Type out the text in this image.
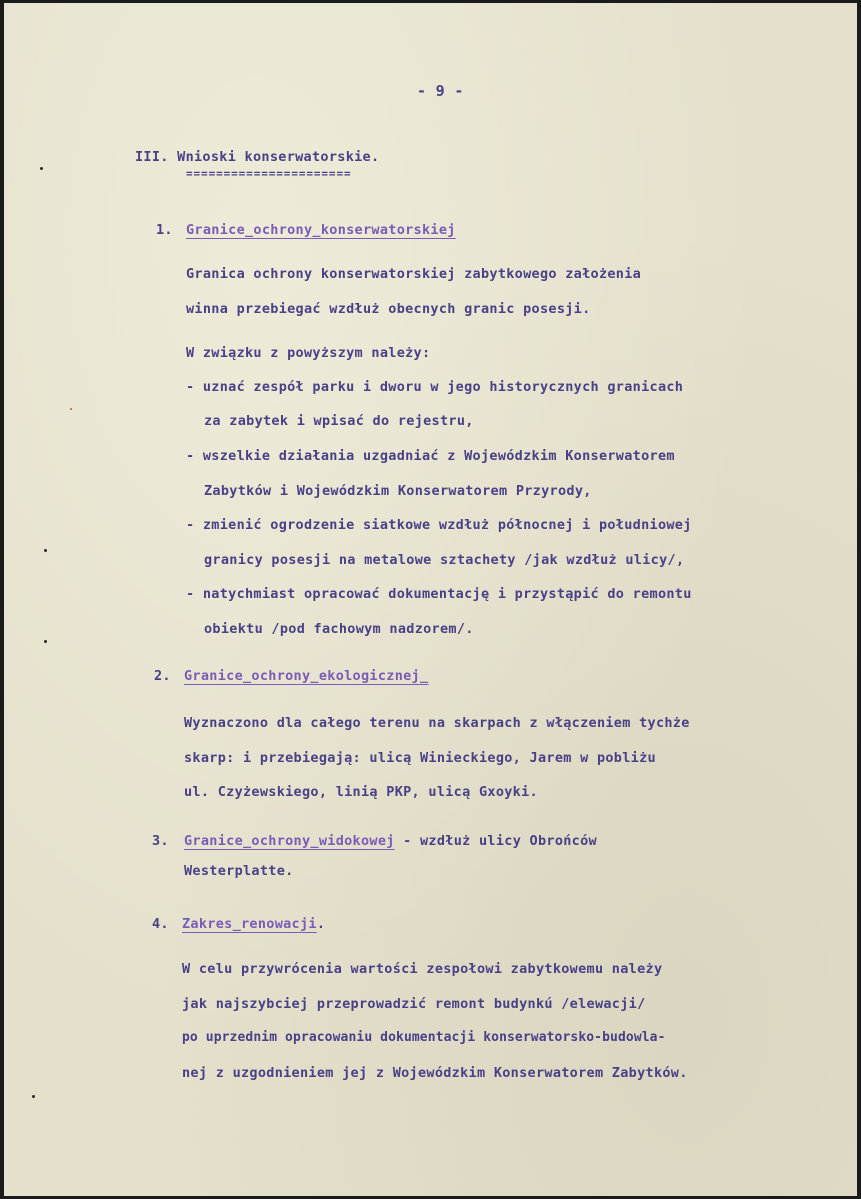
- 9 -

III. Wnioski konserwatorskie.

======================

1. Granice_ochrony_konserwatorskiej

Granica ochrony konserwatorskiej zabytkowego założenia

winna przebiegać wzdłuż obecnych granic posesji.

W związku z powyższym należy:

- uznać zespół parku i dworu w jego historycznych granicach

za zabytek i wpisać do rejestru,

- wszelkie działania uzgadniać z Wojewódzkim Konserwatorem

Zabytków i Wojewódzkim Konserwatorem Przyrody,

- zmienić ogrodzenie siatkowe wzdłuż północnej i południowej

granicy posesji na metalowe sztachety /jak wzdłuż ulicy/,

- natychmiast opracować dokumentację i przystąpić do remontu

obiektu /pod fachowym nadzorem/.

2. Granice_ochrony_ekologicznej_

Wyznaczono dla całego terenu na skarpach z włączeniem tychże

skarp: i przebiegają: ulicą Winieckiego, Jarem w pobliżu

ul. Czyżewskiego, linią PKP, ulicą Gxoyki.

3. Granice_ochrony_widokowej - wzdłuż ulicy Obrońców

Westerplatte.

4. Zakres_renowacji.

W celu przywrócenia wartości zespołowi zabytkowemu należy

jak najszybciej przeprowadzić remont budynkú /elewacji/

po uprzednim opracowaniu dokumentacji konserwatorsko-budowla-

nej z uzgodnieniem jej z Wojewódzkim Konserwatorem Zabytków.
